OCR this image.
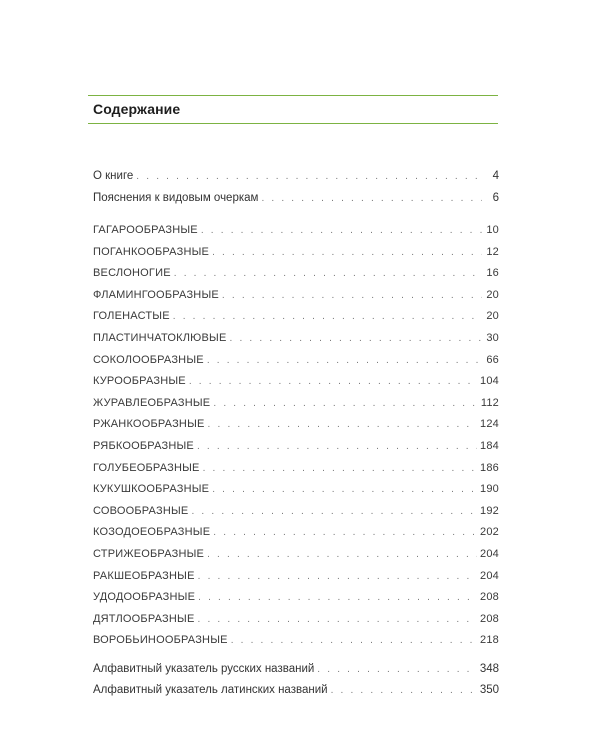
Содержание
О книге . . .	4
Пояснения к видовым очеркам . . .	6
ГАГАРООБРАЗНЫЕ . . .	10
ПОГАНКООБРАЗНЫЕ . . .	12
ВЕСЛОНОГИЕ . . .	16
ФЛАМИНГООБРАЗНЫЕ . . .	20
ГОЛЕНАСТЫЕ . . .	20
ПЛАСТИНЧАТОКЛЮВЫЕ . . .	30
СОКОЛООБРАЗНЫЕ . . .	66
КУРООБРАЗНЫЕ . . .	104
ЖУРАВЛЕОБРАЗНЫЕ . . .	112
РЖАНКООБРАЗНЫЕ . . .	124
РЯБКООБРАЗНЫЕ . . .	184
ГОЛУБЕОБРАЗНЫЕ . . .	186
КУКУШКООБРАЗНЫЕ . . .	190
СОВООБРАЗНЫЕ . . .	192
КОЗОДОЕОБРАЗНЫЕ . . .	202
СТРИЖЕОБРАЗНЫЕ . . .	204
РАКШЕОБРАЗНЫЕ . . .	204
УДОДООБРАЗНЫЕ . . .	208
ДЯТЛООБРАЗНЫЕ . . .	208
ВОРОБЬИНООБРАЗНЫЕ . . .	218
Алфавитный указатель русских названий . . .	348
Алфавитный указатель латинских названий . . .	350
